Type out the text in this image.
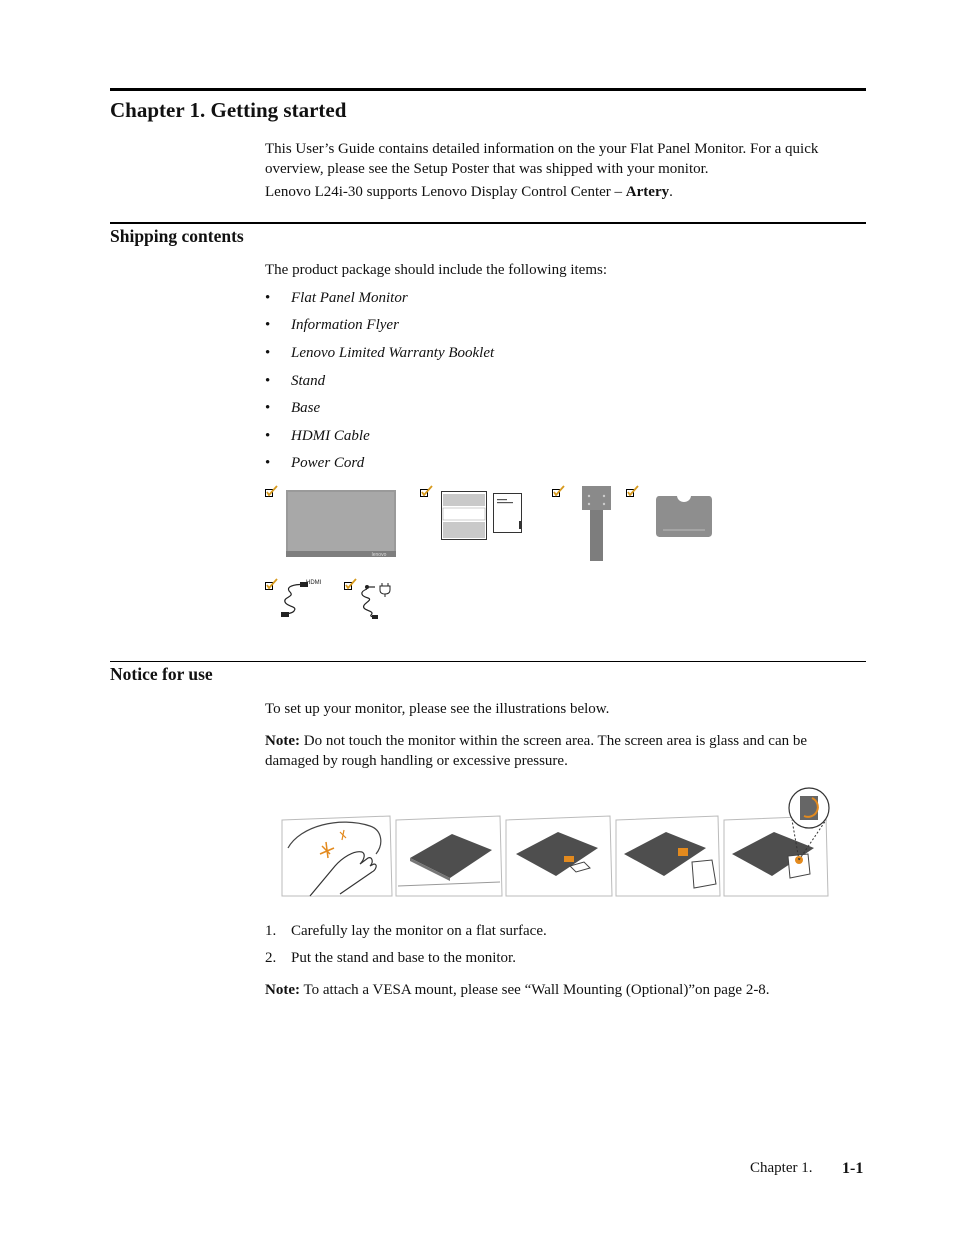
Chapter 1. Getting started

This User’s Guide contains detailed information on the your Flat Panel Monitor. For a quick overview, please see the Setup Poster that was shipped with your monitor.

Lenovo L24i-30 supports Lenovo Display Control Center – Artery.

Shipping contents

The product package should include the following items:

• Flat Panel Monitor
• Information Flyer
• Lenovo Limited Warranty Booklet
• Stand
• Base
• HDMI Cable
• Power Cord
lenovo
HDMI
Notice for use

To set up your monitor, please see the illustrations below.

Note: Do not touch the monitor within the screen area. The screen area is glass and can be damaged by rough handling or excessive pressure.

1. Carefully lay the monitor on a flat surface.
2. Put the stand and base to the monitor.

Note: To attach a VESA mount, please see “Wall Mounting (Optional)”on page 2-8.

Chapter 1. 1-1
